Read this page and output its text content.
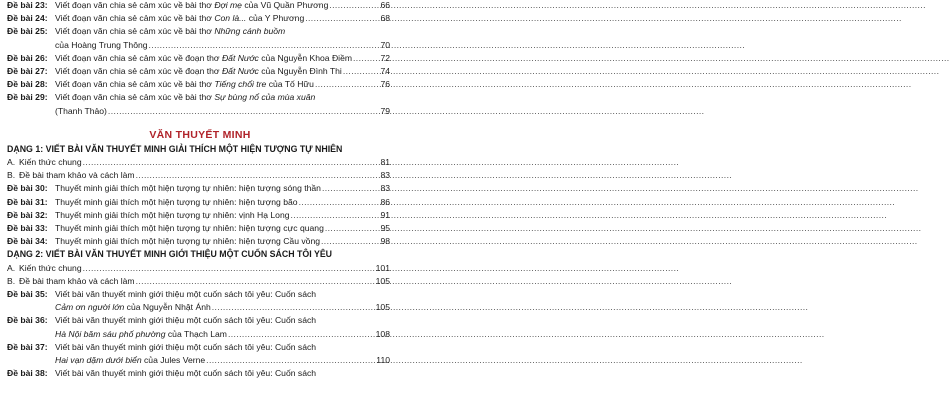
Đề bài 23: Viết đoạn văn chia sẻ cảm xúc về bài thơ Đợi mẹ của Vũ Quần Phương .....	66
Đề bài 24: Viết đoạn văn chia sẻ cảm xúc về bài thơ Con là... của Y Phương .....	68
Đề bài 25: Viết đoạn văn chia sẻ cảm xúc về bài thơ Những cánh buồm
của Hoàng Trung Thông .....	70
Đề bài 26: Viết đoạn văn chia sẻ cảm xúc về đoạn thơ Đất Nước của Nguyễn Khoa Điềm .....	72
Đề bài 27: Viết đoạn văn chia sẻ cảm xúc về đoạn thơ Đất Nước của Nguyễn Đình Thi .....	74
Đề bài 28: Viết đoạn văn chia sẻ cảm xúc về bài thơ Tiếng chổi tre của Tố Hữu .....	76
Đề bài 29: Viết đoạn văn chia sẻ cảm xúc về bài thơ Sự bùng nổ của mùa xuân
(Thanh Thảo) .....	79
VĂN THUYẾT MINH
DẠNG 1: VIẾT BÀI VĂN THUYẾT MINH GIẢI THÍCH MỘT HIỆN TƯỢNG TỰ NHIÊN
A. Kiến thức chung .....	81
B. Đề bài tham khảo và cách làm .....	83
Đề bài 30: Thuyết minh giải thích một hiện tượng tự nhiên: hiện tượng sóng thần .....	83
Đề bài 31: Thuyết minh giải thích một hiện tượng tự nhiên: hiện tượng bão .....	86
Đề bài 32: Thuyết minh giải thích một hiện tượng tự nhiên: vịnh Hạ Long .....	91
Đề bài 33: Thuyết minh giải thích một hiện tượng tự nhiên: hiện tượng cực quang .....	95
Đề bài 34: Thuyết minh giải thích một hiện tượng tự nhiên: hiện tượng Cầu vồng .....	98
DẠNG 2: VIẾT BÀI VĂN THUYẾT MINH GIỚI THIỆU MỘT CUỐN SÁCH TÔI YÊU
A. Kiến thức chung .....	101
B. Đề bài tham khảo và cách làm .....	105
Đề bài 35: Viết bài văn thuyết minh giới thiệu một cuốn sách tôi yêu: Cuốn sách
Cảm ơn người lớn của Nguyễn Nhật Ánh .....	105
Đề bài 36: Viết bài văn thuyết minh giới thiệu một cuốn sách tôi yêu: Cuốn sách
Hà Nội băm sáu phố phường của Thạch Lam .....	108
Đề bài 37: Viết bài văn thuyết minh giới thiệu một cuốn sách tôi yêu: Cuốn sách
Hai vạn dặm dưới biển của Jules Verne .....	110
Đề bài 38: Viết bài văn thuyết minh giới thiệu một cuốn sách tôi yêu: Cuốn sách
